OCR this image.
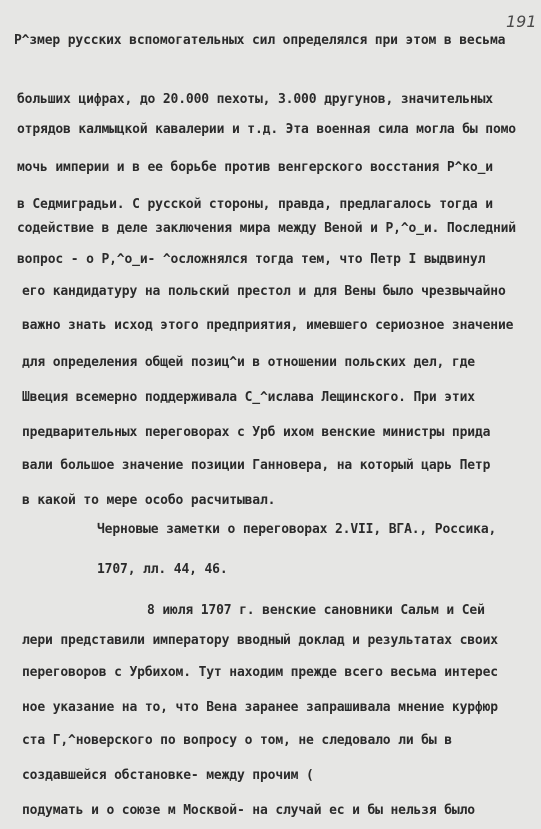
191
Р^змер русских вспомогательных сил определялся при этом в весьма
больших цифрах, до 20.000 пехоты, 3.000 другунов, значительных
отрядов калмыцкой кавалерии и т.д. Эта военная сила могла бы помо
мочь империи и в ее борьбе против венгерского восстания Р^ко_и
в Седмиградьи. С русской стороны, правда, предлагалось тогда и
содействие в деле заключения мира между Веной и Р,^о_и. Последний
вопрос - о Р,^о_и- ^осложнялся тогда тем, что Петр I выдвинул
его кандидатуру на польский престол и для Вены было чрезвычайно
важно знать исход этого предприятия, имевшего сериозное значение
для определения общей позиц^и в отношении польских дел, где
Швеция всемерно поддерживала С_^ислава Лещинского. При этих
предварительных переговорах с Урб ихом венские министры прида
вали большое значение позиции Ганновера, на который царь Петр
в какой то мере особо расчитывал.
Черновые заметки о переговорах 2.VII, ВГА., Россика,
1707, лл. 44, 46.
8 июля 1707 г. венские сановники Сальм и Сей
лери представили императору вводный доклад и результатах своих
переговоров с Урбихом. Тут находим прежде всего весьма интерес
ное указание на то, что Вена заранее запрашивала мнение курфюр
ста Г,^новерского по вопросу о том, не следовало ли бы в
создавшейся обстановке- между прочим (
подумать и о союзе м Москвой- на случай ес и бы нельзя было
